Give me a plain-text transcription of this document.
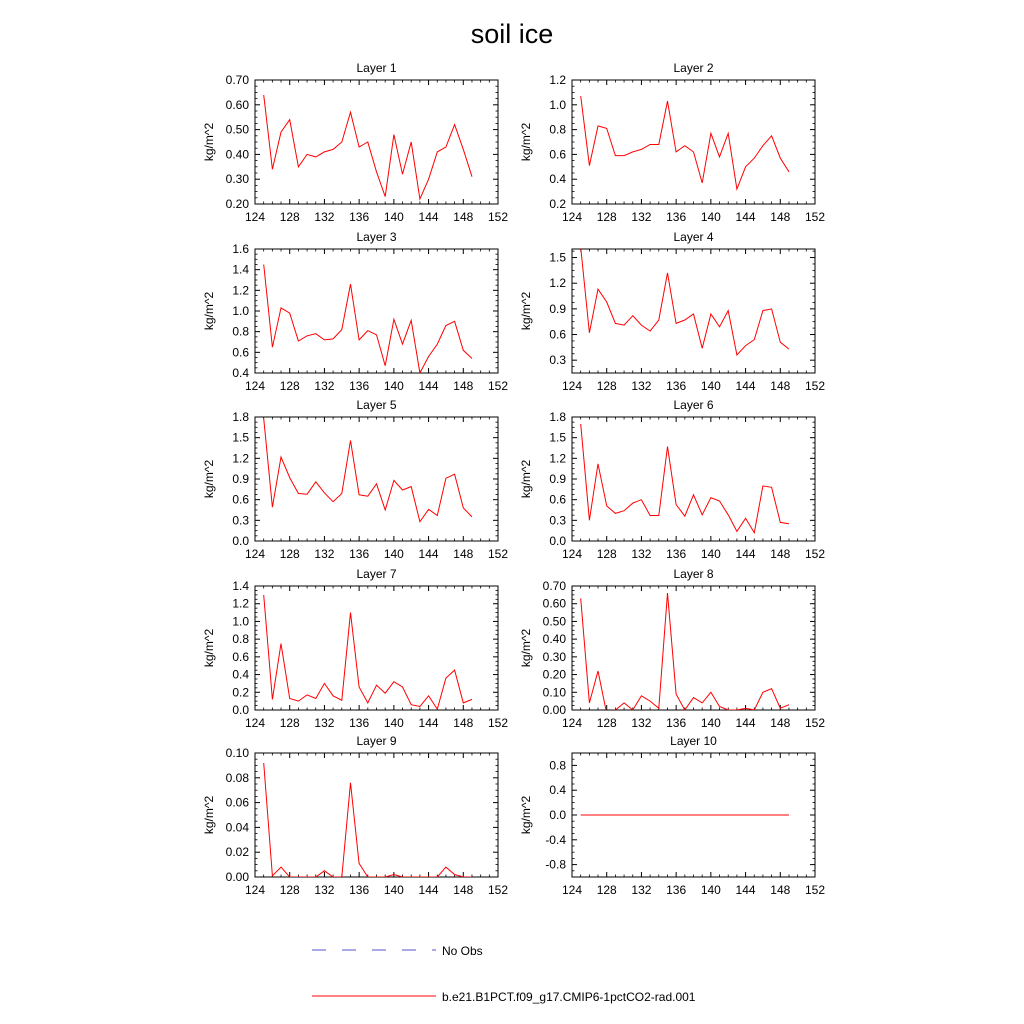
soil ice
Layer 1
kg/m^2
124 128 132 136 140 144 148 152
0.20
0.30
0.40
0.50
0.60
0.70
Layer 2
kg/m^2
124 128 132 136 140 144 148 152
0.2
0.4
0.6
0.8
1.0
1.2
Layer 3
kg/m^2
124 128 132 136 140 144 148 152
0.4
0.6
0.8
1.0
1.2
1.4
1.6
Layer 4
kg/m^2
124 128 132 136 140 144 148 152
0.3
0.6
0.9
1.2
1.5
Layer 5
kg/m^2
124 128 132 136 140 144 148 152
0.0
0.3
0.6
0.9
1.2
1.5
1.8
Layer 6
kg/m^2
124 128 132 136 140 144 148 152
0.0
0.3
0.6
0.9
1.2
1.5
1.8
Layer 7
kg/m^2
124 128 132 136 140 144 148 152
0.0
0.2
0.4
0.6
0.8
1.0
1.2
1.4
Layer 8
kg/m^2
124 128 132 136 140 144 148 152
0.00
0.10
0.20
0.30
0.40
0.50
0.60
0.70
Layer 9
kg/m^2
124 128 132 136 140 144 148 152
0.00
0.02
0.04
0.06
0.08
0.10
Layer 10
kg/m^2
124 128 132 136 140 144 148 152
-0.8
-0.4
0.0
0.4
0.8
No Obs
b.e21.B1PCT.f09_g17.CMIP6-1pctCO2-rad.001
